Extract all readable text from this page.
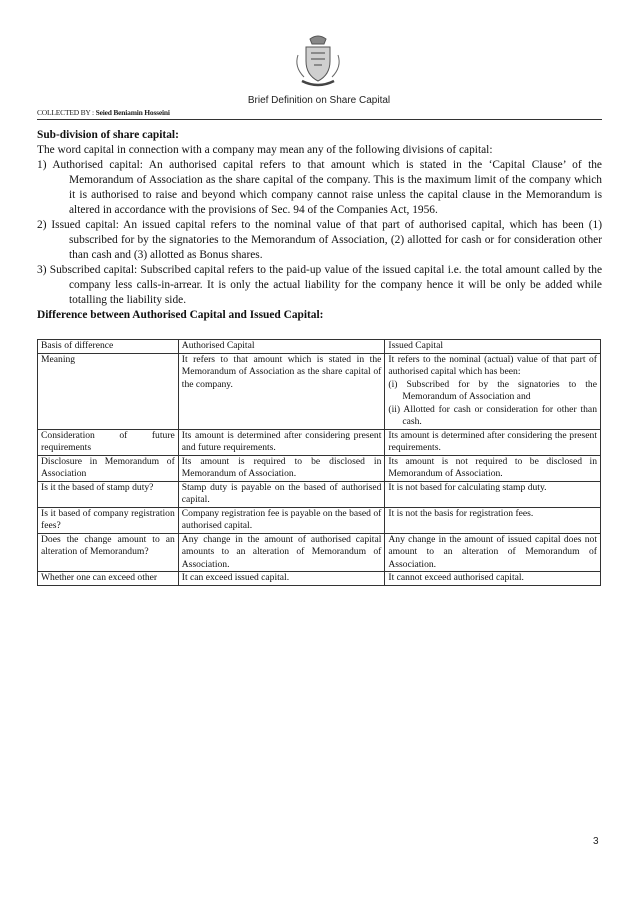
Brief Definition on Share Capital
COLLECTED BY : Seied Beniamin Hosseini

Sub-division of share capital:

The word capital in connection with a company may mean any of the following divisions of capital:

1) Authorised capital: An authorised capital refers to that amount which is stated in the ‘Capital Clause’ of the Memorandum of Association as the share capital of the company. This is the maximum limit of the company which it is authorised to raise and beyond which company cannot raise unless the capital clause in the Memorandum is altered in accordance with the provisions of Sec. 94 of the Companies Act, 1956.

2) Issued capital: An issued capital refers to the nominal value of that part of authorised capital, which has been (1) subscribed for by the signatories to the Memorandum of Association, (2) allotted for cash or for consideration other than cash and (3) allotted as Bonus shares.

3) Subscribed capital: Subscribed capital refers to the paid-up value of the issued capital i.e. the total amount called by the company less calls-in-arrear. It is only the actual liability for the company hence it will be only be added while totalling the liability side.

Difference between Authorised Capital and Issued Capital:

Basis of difference	Authorised Capital	Issued Capital
Meaning	It refers to that amount which is stated in the Memorandum of Association as the share capital of the company.	It refers to the nominal (actual) value of that part of authorised capital which has been:
(i) Subscribed for by the signatories to the Memorandum of Association and
(ii) Allotted for cash or consideration for other than cash.

Consideration of future requirements	Its amount is determined after considering present and future requirements.	Its amount is determined after considering the present requirements.
Disclosure in Memorandum of Association	Its amount is required to be disclosed in Memorandum of Association.	Its amount is not required to be disclosed in Memorandum of Association.
Is it the based of stamp duty?	Stamp duty is payable on the based of authorised capital.	It is not based for calculating stamp duty.
Is it based of company registration fees?	Company registration fee is payable on the based of authorised capital.	It is not the basis for registration fees.
Does the change amount to an alteration of Memorandum?	Any change in the amount of authorised capital amounts to an alteration of Memorandum of Association.	Any change in the amount of issued capital does not amount to an alteration of Memorandum of Association.
Whether one can exceed other	It can exceed issued capital.	It cannot exceed authorised capital.
3
